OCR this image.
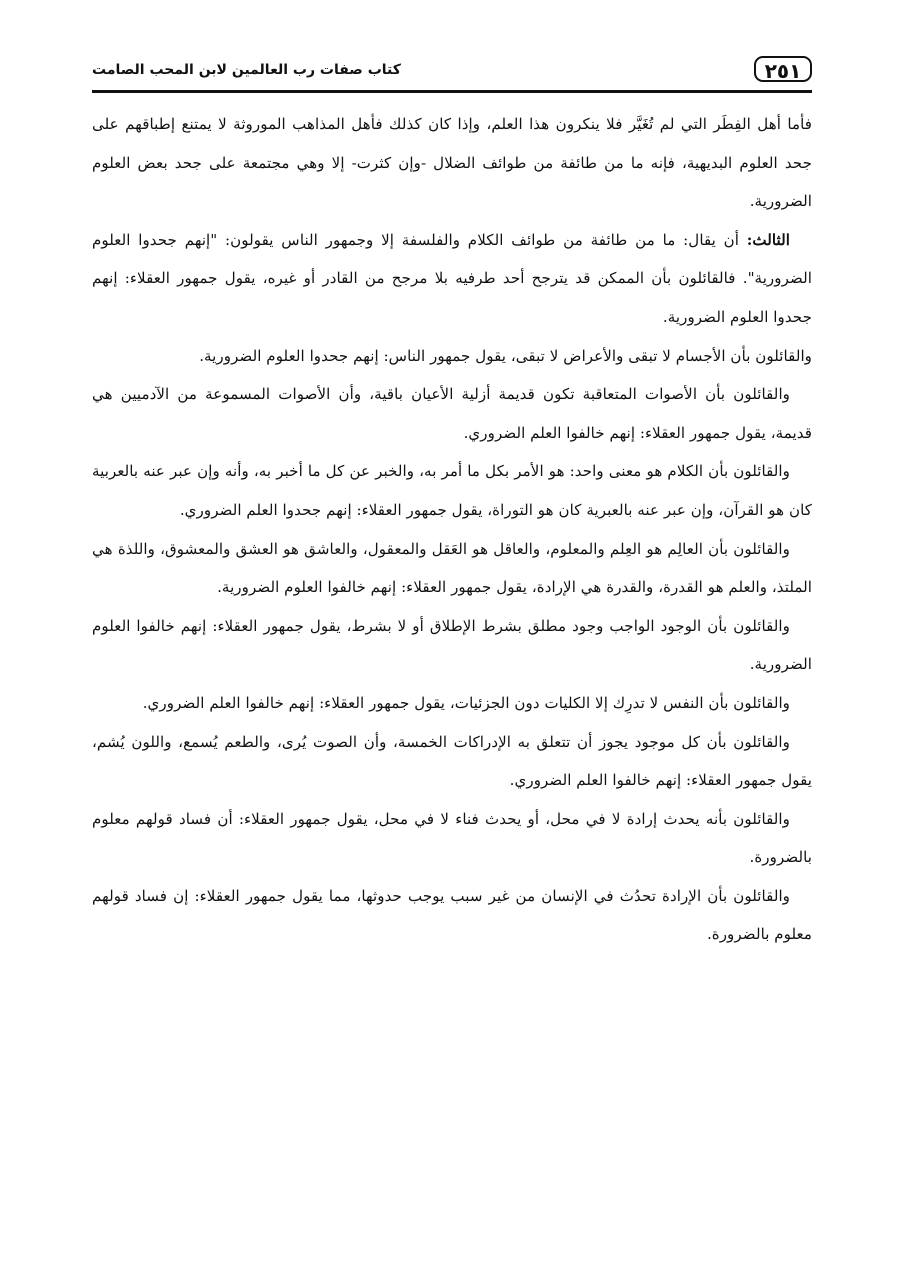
٢٥١
كتاب صفات رب العالمين لابن المحب الصامت

فأما أهل الفِطَر التي لم تُغَيَّر فلا ينكرون هذا العلم، وإذا كان كذلك فأهل المذاهب الموروثة لا يمتنع إطباقهم على جحد العلوم البديهية، فإنه ما من طائفة من طوائف الضلال -وإن كثرت- إلا وهي مجتمعة على جحد بعض العلوم الضرورية.

الثالث: أن يقال: ما من طائفة من طوائف الكلام والفلسفة إلا وجمهور الناس يقولون: "إنهم جحدوا العلوم الضرورية". فالقائلون بأن الممكن قد يترجح أحد طرفيه بلا مرجح من القادر أو غيره، يقول جمهور العقلاء: إنهم جحدوا العلوم الضرورية.

والقائلون بأن الأجسام لا تبقى والأعراض لا تبقى، يقول جمهور الناس: إنهم جحدوا العلوم الضرورية.

والقائلون بأن الأصوات المتعاقبة تكون قديمة أزلية الأعيان باقية، وأن الأصوات المسموعة من الآدميين هي قديمة، يقول جمهور العقلاء: إنهم خالفوا العلم الضروري.

والقائلون بأن الكلام هو معنى واحد: هو الأمر بكل ما أمر به، والخبر عن كل ما أخبر به، وأنه وإن عبر عنه بالعربية كان هو القرآن، وإن عبر عنه بالعبرية كان هو التوراة، يقول جمهور العقلاء: إنهم جحدوا العلم الضروري.

والقائلون بأن العالِم هو العِلم والمعلوم، والعاقل هو العَقل والمعقول، والعاشق هو العشق والمعشوق، واللذة هي الملتذ، والعلم هو القدرة، والقدرة هي الإرادة، يقول جمهور العقلاء: إنهم خالفوا العلوم الضرورية.

والقائلون بأن الوجود الواجب وجود مطلق بشرط الإطلاق أو لا بشرط، يقول جمهور العقلاء: إنهم خالفوا العلوم الضرورية.

والقائلون بأن النفس لا تدرِك إلا الكليات دون الجزئيات، يقول جمهور العقلاء: إنهم خالفوا العلم الضروري.

والقائلون بأن كل موجود يجوز أن تتعلق به الإدراكات الخمسة، وأن الصوت يُرى، والطعم يُسمع، واللون يُشم، يقول جمهور العقلاء: إنهم خالفوا العلم الضروري.

والقائلون بأنه يحدث إرادة لا في محل، أو يحدث فناء لا في محل، يقول جمهور العقلاء: أن فساد قولهم معلوم بالضرورة.

والقائلون بأن الإرادة تحدُث في الإنسان من غير سبب يوجب حدوثها، مما يقول جمهور العقلاء: إن فساد قولهم معلوم بالضرورة.
